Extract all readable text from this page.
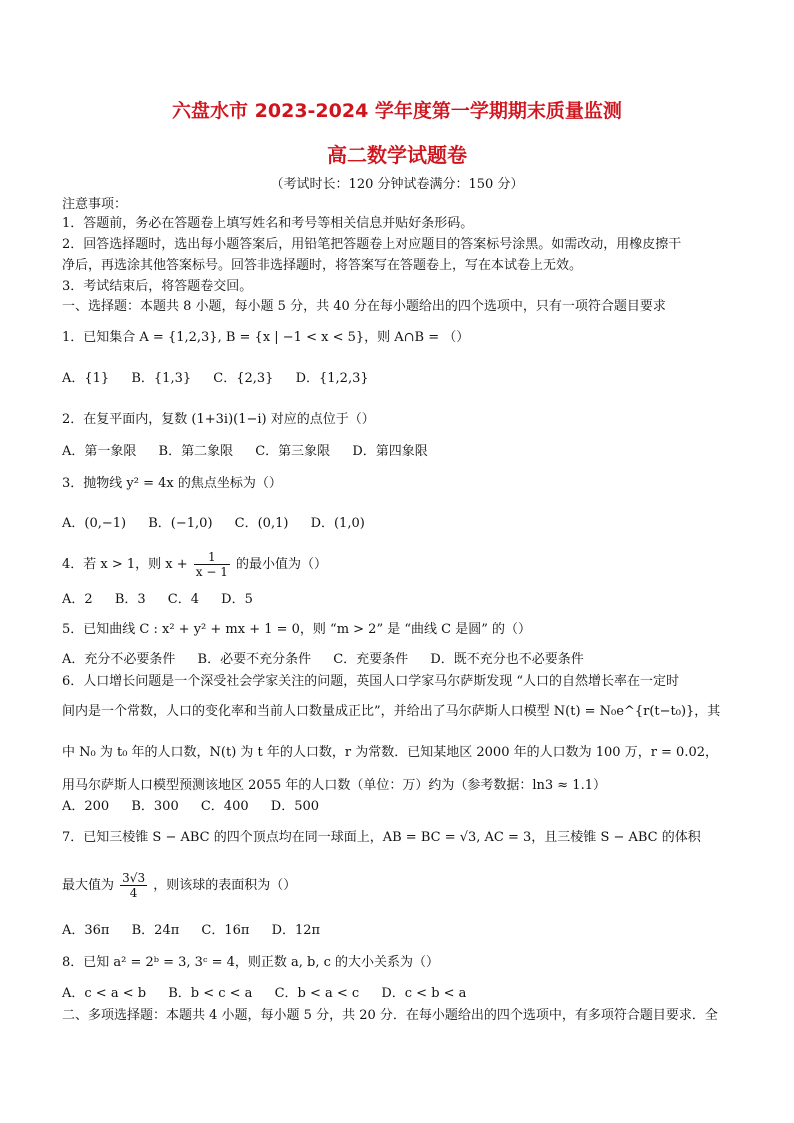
六盘水市 2023-2024 学年度第一学期期末质量监测
高二数学试题卷
（考试时长：120 分钟试卷满分：150 分）
注意事项：
1．答题前，务必在答题卷上填写姓名和考号等相关信息并贴好条形码。
2．回答选择题时，选出每小题答案后，用铅笔把答题卷上对应题目的答案标号涂黑。如需改动，用橡皮擦干
净后，再选涂其他答案标号。回答非选择题时，将答案写在答题卷上，写在本试卷上无效。
3．考试结束后，将答题卷交回。
一、选择题：本题共 8 小题，每小题 5 分，共 40 分在每小题给出的四个选项中，只有一项符合题目要求
1．已知集合 A = {1,2,3}, B = {x | −1 < x < 5}，则 A∩B = （）
A．{1} B．{1,3} C．{2,3} D．{1,2,3}
2．在复平面内，复数 (1+3i)(1−i) 对应的点位于（）
A．第一象限 B．第二象限 C．第三象限 D．第四象限
3．抛物线 y² = 4x 的焦点坐标为（）
A．(0,−1) B．(−1,0) C．(0,1) D．(1,0)
4．若 x > 1，则 $x + \frac{1}{x - 1}$ 的最小值为（）
A．2 B．3 C．4 D．5
5．已知曲线 C : x² + y² + mx + 1 = 0，则 “m > 2” 是 “曲线 C 是圆” 的（）
A．充分不必要条件 B．必要不充分条件 C．充要条件 D．既不充分也不必要条件
6．人口增长问题是一个深受社会学家关注的问题，英国人口学家马尔萨斯发现 “人口的自然增长率在一定时
间内是一个常数，人口的变化率和当前人口数量成正比”，并给出了马尔萨斯人口模型 N(t) = N₀e^{r(t−t₀)}，其
中 N₀ 为 t₀ 年的人口数，N(t) 为 t 年的人口数，r 为常数．已知某地区 2000 年的人口数为 100 万，r = 0.02，
用马尔萨斯人口模型预测该地区 2055 年的人口数（单位：万）约为（参考数据：ln3 ≈ 1.1）
A．200 B．300 C．400 D．500
7．已知三棱锥 S − ABC 的四个顶点均在同一球面上，AB = BC = √3, AC = 3，且三棱锥 S − ABC 的体积
最大值为 $\frac{3√3}{4}$ ，则该球的表面积为（）
A．36π B．24π C．16π D．12π
8．已知 a² = 2ᵇ = 3, 3ᶜ = 4，则正数 a, b, c 的大小关系为（）
A．c < a < b B．b < c < a C．b < a < c D．c < b < a
二、多项选择题：本题共 4 小题，每小题 5 分，共 20 分．在每小题给出的四个选项中，有多项符合题目要求．全
